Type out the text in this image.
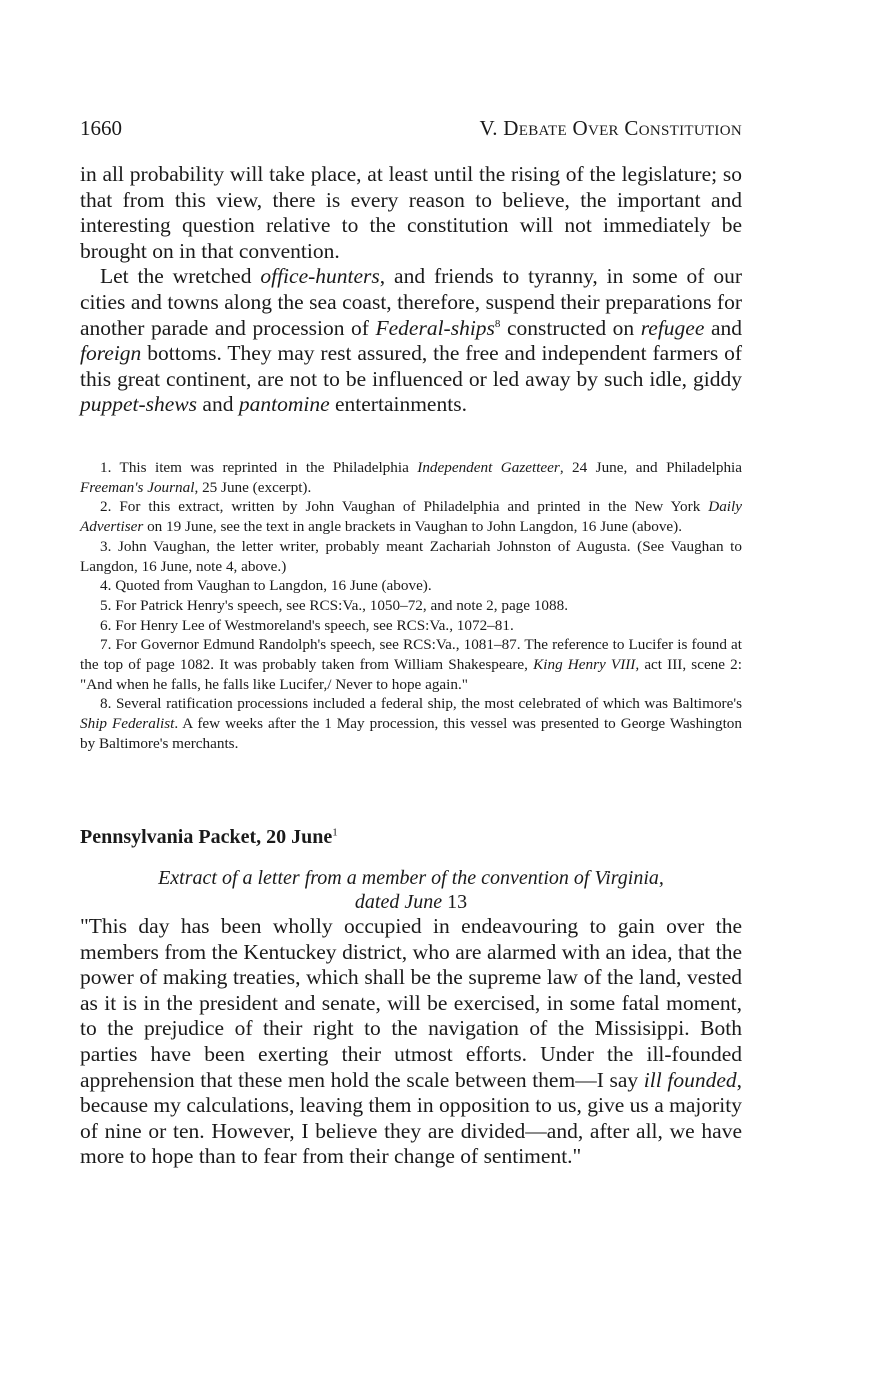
1660	V. Debate Over Constitution

in all probability will take place, at least until the rising of the legislature; so that from this view, there is every reason to believe, the important and interesting question relative to the constitution will not immediately be brought on in that convention.

Let the wretched office-hunters, and friends to tyranny, in some of our cities and towns along the sea coast, therefore, suspend their preparations for another parade and procession of Federal-ships$^8$ constructed on refugee and foreign bottoms. They may rest assured, the free and independent farmers of this great continent, are not to be influenced or led away by such idle, giddy puppet-shews and pantomine entertainments.

1. This item was reprinted in the Philadelphia Independent Gazetteer, 24 June, and Philadelphia Freeman's Journal, 25 June (excerpt).

2. For this extract, written by John Vaughan of Philadelphia and printed in the New York Daily Advertiser on 19 June, see the text in angle brackets in Vaughan to John Langdon, 16 June (above).

3. John Vaughan, the letter writer, probably meant Zachariah Johnston of Augusta. (See Vaughan to Langdon, 16 June, note 4, above.)

4. Quoted from Vaughan to Langdon, 16 June (above).

5. For Patrick Henry's speech, see RCS:Va., 1050–72, and note 2, page 1088.

6. For Henry Lee of Westmoreland's speech, see RCS:Va., 1072–81.

7. For Governor Edmund Randolph's speech, see RCS:Va., 1081–87. The reference to Lucifer is found at the top of page 1082. It was probably taken from William Shakespeare, King Henry VIII, act III, scene 2: "And when he falls, he falls like Lucifer,/ Never to hope again."

8. Several ratification processions included a federal ship, the most celebrated of which was Baltimore's Ship Federalist. A few weeks after the 1 May procession, this vessel was presented to George Washington by Baltimore's merchants.

Pennsylvania Packet, 20 June$^1$

Extract of a letter from a member of the convention of Virginia,
dated June 13

"This day has been wholly occupied in endeavouring to gain over the members from the Kentuckey district, who are alarmed with an idea, that the power of making treaties, which shall be the supreme law of the land, vested as it is in the president and senate, will be exercised, in some fatal moment, to the prejudice of their right to the navigation of the Missisippi. Both parties have been exerting their utmost efforts. Under the ill-founded apprehension that these men hold the scale between them—I say ill founded, because my calculations, leaving them in opposition to us, give us a majority of nine or ten. However, I believe they are divided—and, after all, we have more to hope than to fear from their change of sentiment."
